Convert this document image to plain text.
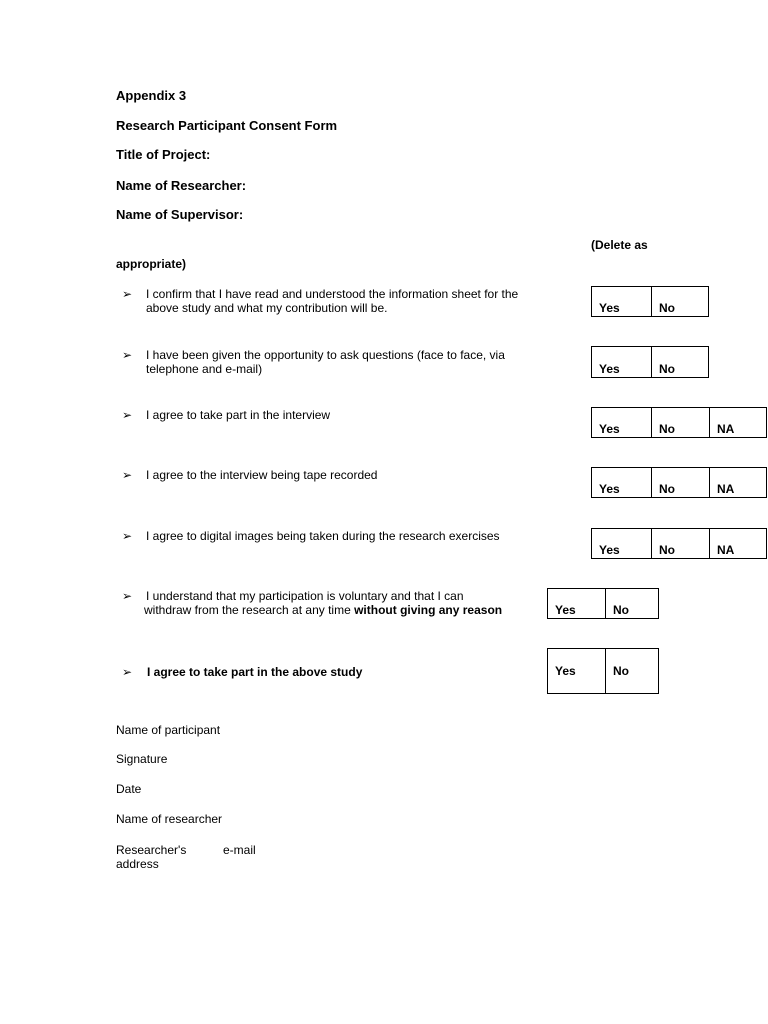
Appendix 3
Research Participant Consent Form
Title of Project:
Name of Researcher:
Name of Supervisor:
(Delete as
appropriate)
➢ I confirm that I have read and understood the information sheet for the
above study and what my contribution will be.	Yes	No
➢ I have been given the opportunity to ask questions (face to face, via
telephone and e-mail)	Yes	No
➢ I agree to take part in the interview
Yes	No	NA
➢ I agree to the interview being tape recorded
Yes	No	NA
➢ I agree to digital images being taken during the research exercises
Yes	No	NA
➢ I understand that my participation is voluntary and that I can
withdraw from the research at any time without giving any reason	Yes	No
➢ I agree to take part in the above study	Yes	No
Name of participant
Signature
Date
Name of researcher
Researcher's	e-mail
address
